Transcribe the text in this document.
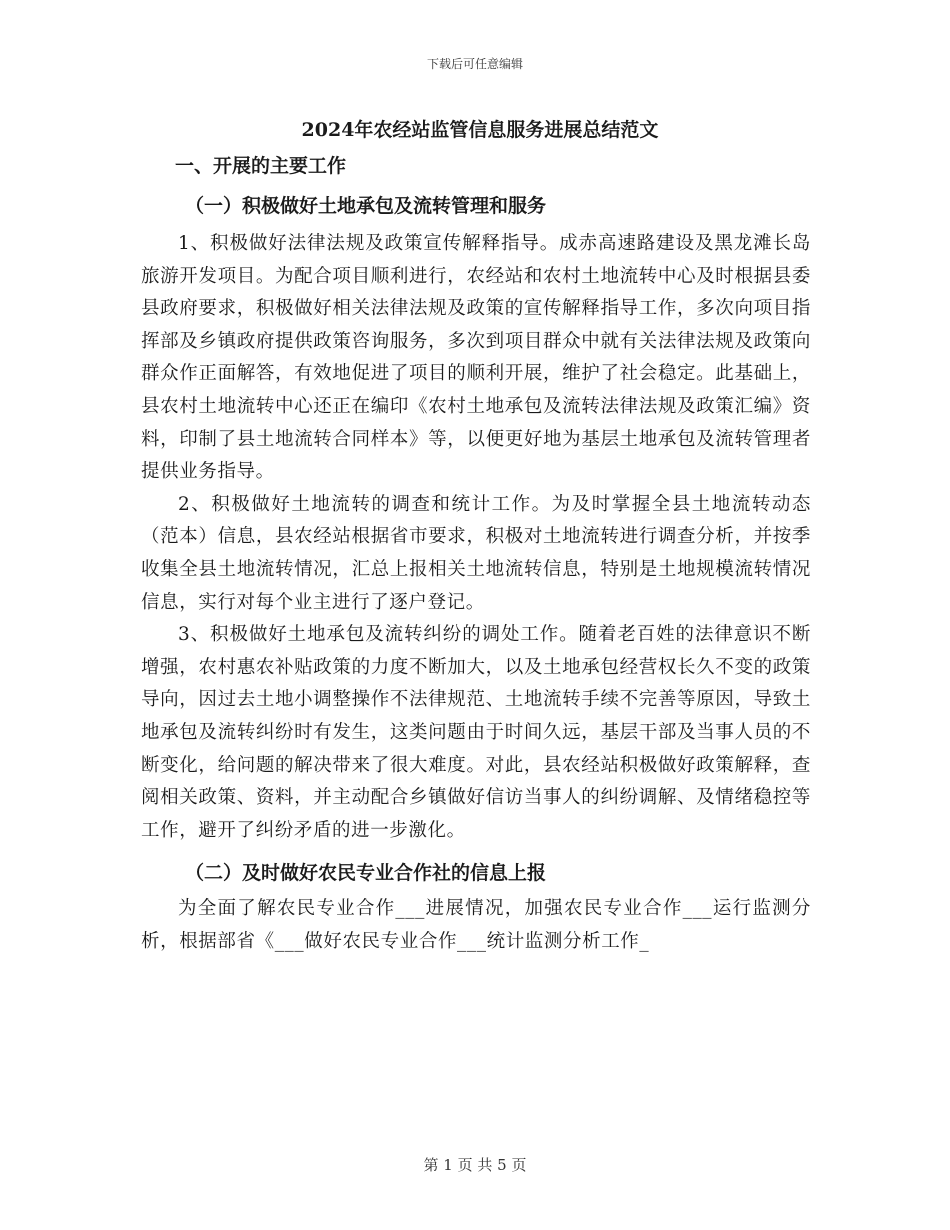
下载后可任意编辑
2024年农经站监管信息服务进展总结范文
一、开展的主要工作
（一）积极做好土地承包及流转管理和服务

1、积极做好法律法规及政策宣传解释指导。成赤高速路建设及黑龙滩长岛旅游开发项目。为配合项目顺利进行，农经站和农村土地流转中心及时根据县委县政府要求，积极做好相关法律法规及政策的宣传解释指导工作，多次向项目指挥部及乡镇政府提供政策咨询服务，多次到项目群众中就有关法律法规及政策向群众作正面解答，有效地促进了项目的顺利开展，维护了社会稳定。此基础上，县农村土地流转中心还正在编印《农村土地承包及流转法律法规及政策汇编》资料，印制了县土地流转合同样本》等，以便更好地为基层土地承包及流转管理者提供业务指导。

2、积极做好土地流转的调查和统计工作。为及时掌握全县土地流转动态（范本）信息，县农经站根据省市要求，积极对土地流转进行调查分析，并按季收集全县土地流转情况，汇总上报相关土地流转信息，特别是土地规模流转情况信息，实行对每个业主进行了逐户登记。

3、积极做好土地承包及流转纠纷的调处工作。随着老百姓的法律意识不断增强，农村惠农补贴政策的力度不断加大，以及土地承包经营权长久不变的政策导向，因过去土地小调整操作不法律规范、土地流转手续不完善等原因，导致土地承包及流转纠纷时有发生，这类问题由于时间久远，基层干部及当事人员的不断变化，给问题的解决带来了很大难度。对此，县农经站积极做好政策解释，查阅相关政策、资料，并主动配合乡镇做好信访当事人的纠纷调解、及情绪稳控等工作，避开了纠纷矛盾的进一步激化。

（二）及时做好农民专业合作社的信息上报

为全面了解农民专业合作___进展情况，加强农民专业合作___运行监测分析，根据部省《___做好农民专业合作___统计监测分析工作_

第 1 页 共 5 页
